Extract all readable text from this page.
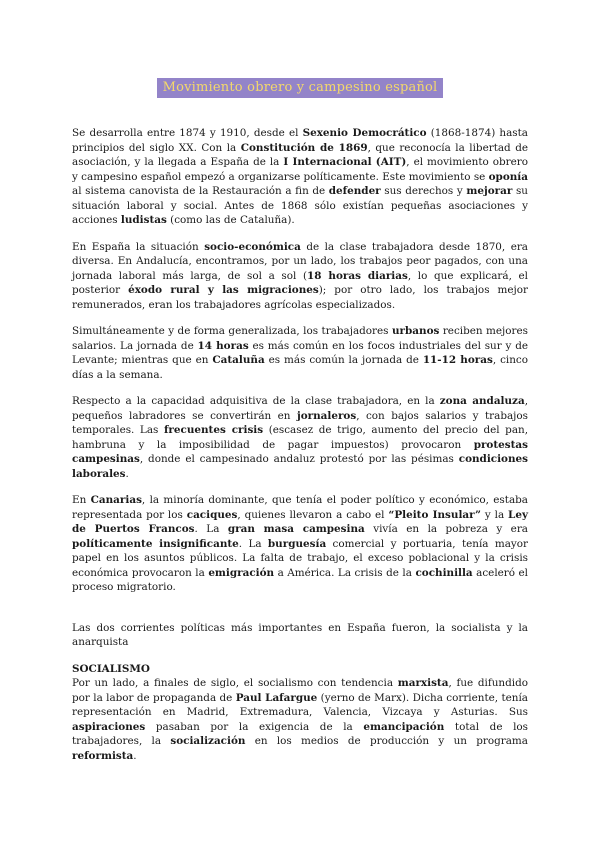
Movimiento obrero y campesino español

Se desarrolla entre 1874 y 1910, desde el Sexenio Democrático (1868-1874) hasta principios del siglo XX. Con la Constitución de 1869, que reconocía la libertad de asociación, y la llegada a España de la I Internacional (AIT), el movimiento obrero y campesino español empezó a organizarse políticamente. Este movimiento se oponía al sistema canovista de la Restauración a fin de defender sus derechos y mejorar su situación laboral y social. Antes de 1868 sólo existían pequeñas asociaciones y acciones ludistas (como las de Cataluña).

En España la situación socio-económica de la clase trabajadora desde 1870, era diversa. En Andalucía, encontramos, por un lado, los trabajos peor pagados, con una jornada laboral más larga, de sol a sol (18 horas diarias, lo que explicará, el posterior éxodo rural y las migraciones); por otro lado, los trabajos mejor remunerados, eran los trabajadores agrícolas especializados.

Simultáneamente y de forma generalizada, los trabajadores urbanos reciben mejores salarios. La jornada de 14 horas es más común en los focos industriales del sur y de Levante; mientras que en Cataluña es más común la jornada de 11-12 horas, cinco días a la semana.

Respecto a la capacidad adquisitiva de la clase trabajadora, en la zona andaluza, pequeños labradores se convertirán en jornaleros, con bajos salarios y trabajos temporales. Las frecuentes crisis (escasez de trigo, aumento del precio del pan, hambruna y la imposibilidad de pagar impuestos) provocaron protestas campesinas, donde el campesinado andaluz protestó por las pésimas condiciones laborales.

En Canarias, la minoría dominante, que tenía el poder político y económico, estaba representada por los caciques, quienes llevaron a cabo el “Pleito Insular” y la Ley de Puertos Francos. La gran masa campesina vivía en la pobreza y era políticamente insignificante. La burguesía comercial y portuaria, tenía mayor papel en los asuntos públicos. La falta de trabajo, el exceso poblacional y la crisis económica provocaron la emigración a América. La crisis de la cochinilla aceleró el proceso migratorio.

Las dos corrientes políticas más importantes en España fueron, la socialista y la anarquista

SOCIALISMO

Por un lado, a finales de siglo, el socialismo con tendencia marxista, fue difundido por la labor de propaganda de Paul Lafargue (yerno de Marx). Dicha corriente, tenía representación en Madrid, Extremadura, Valencia, Vizcaya y Asturias. Sus aspiraciones pasaban por la exigencia de la emancipación total de los trabajadores, la socialización en los medios de producción y un programa reformista.
